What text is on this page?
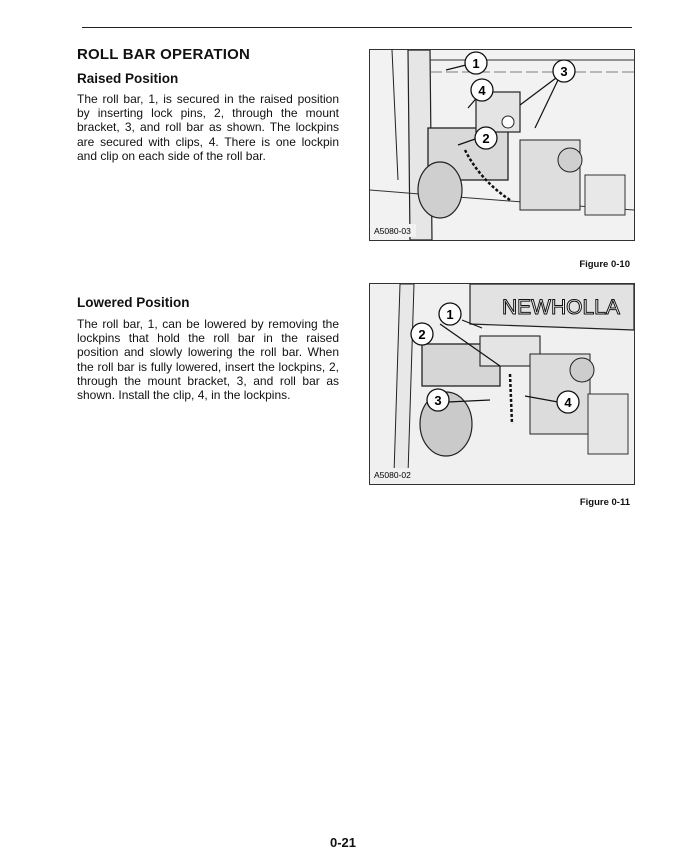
ROLL BAR OPERATION
Raised Position
The roll bar, 1, is secured in the raised position by inserting lock pins, 2, through the mount bracket, 3, and roll bar as shown. The lockpins are secured with clips, 4. There is one lockpin and clip on each side of the roll bar.
Lowered Position
The roll bar, 1, can be lowered by removing the lockpins that hold the roll bar in the raised position and slowly lowering the roll bar. When the roll bar is fully lowered, insert the lockpins, 2, through the mount bracket, 3, and roll bar as shown. Install the clip, 4, in the lockpins.
1
4
2
3
A5080-03
Figure 0-10
NEWHOLLA
1
2
3	4
A5080-02
Figure 0-11
0-21
